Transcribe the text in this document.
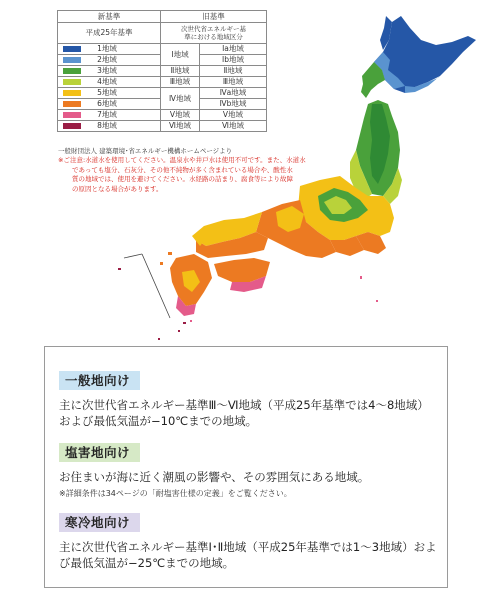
新基準	旧基準	
平成25年基準	次世代省エネルギー基準における地域区分	
1地域	Ⅰ地域	Ⅰa地域
2地域		Ⅰb地域
3地域	Ⅱ地域	Ⅱ地域
4地域	Ⅲ地域	Ⅲ地域
5地域	Ⅳ地域	Ⅳa地域
6地域		Ⅳb地域
7地域	Ⅴ地域	Ⅴ地域
8地域	Ⅵ地域	Ⅵ地域
一般財団法人 建築環境･省エネルギー機構ホームページより
※ご注意:水道水を使用してください。温泉水や井戸水は使用不可です。また、水道水
であっても塩分、石灰分、その他不純物が多く含まれている場合や、酸性水
質の地域では、使用を避けてください。水経路の詰まり、腐食等により故障
の原因となる場合があります。
一般地向け

主に次世代省エネルギー基準Ⅲ～Ⅵ地域（平成25年基準では4～8地域）および最低気温が−10℃までの地域。

塩害地向け

お住まいが海に近く潮風の影響や、その雰囲気にある地域。

※詳細条件は34ページの「耐塩害仕様の定義」をご覧ください。
寒冷地向け

主に次世代省エネルギー基準Ⅰ･Ⅱ地域（平成25年基準では1～3地域）および最低気温が−25℃までの地域。
